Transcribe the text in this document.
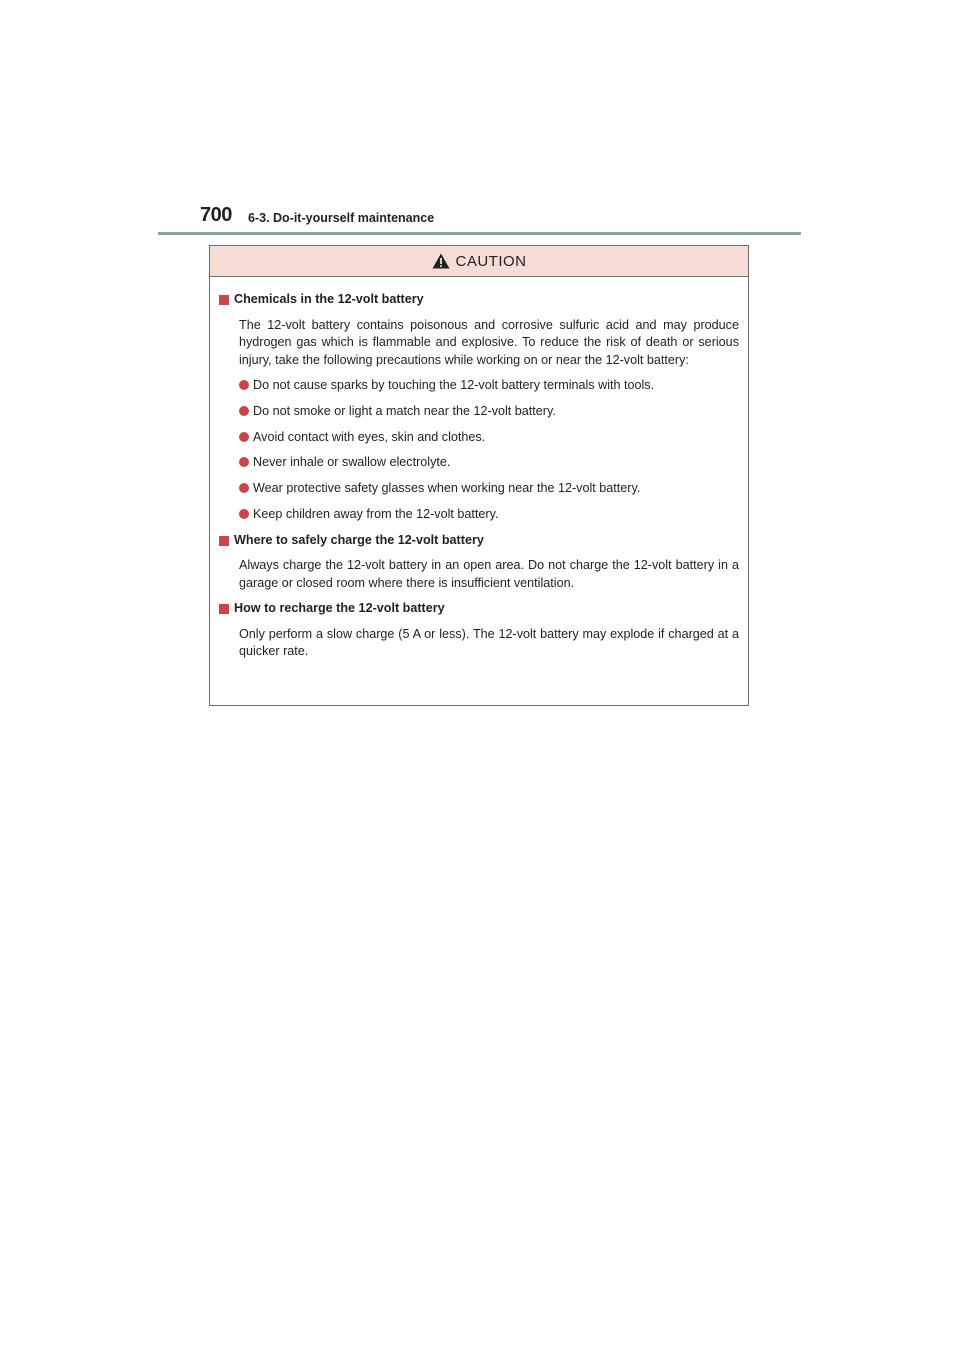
700 6-3. Do-it-yourself maintenance
CAUTION
Chemicals in the 12-volt battery
The 12-volt battery contains poisonous and corrosive sulfuric acid and may produce hydrogen gas which is flammable and explosive. To reduce the risk of death or serious injury, take the following precautions while working on or near the 12-volt battery:
Do not cause sparks by touching the 12-volt battery terminals with tools.
Do not smoke or light a match near the 12-volt battery.
Avoid contact with eyes, skin and clothes.
Never inhale or swallow electrolyte.
Wear protective safety glasses when working near the 12-volt battery.
Keep children away from the 12-volt battery.
Where to safely charge the 12-volt battery
Always charge the 12-volt battery in an open area. Do not charge the 12-volt battery in a garage or closed room where there is insufficient ventilation.
How to recharge the 12-volt battery
Only perform a slow charge (5 A or less). The 12-volt battery may explode if charged at a quicker rate.
